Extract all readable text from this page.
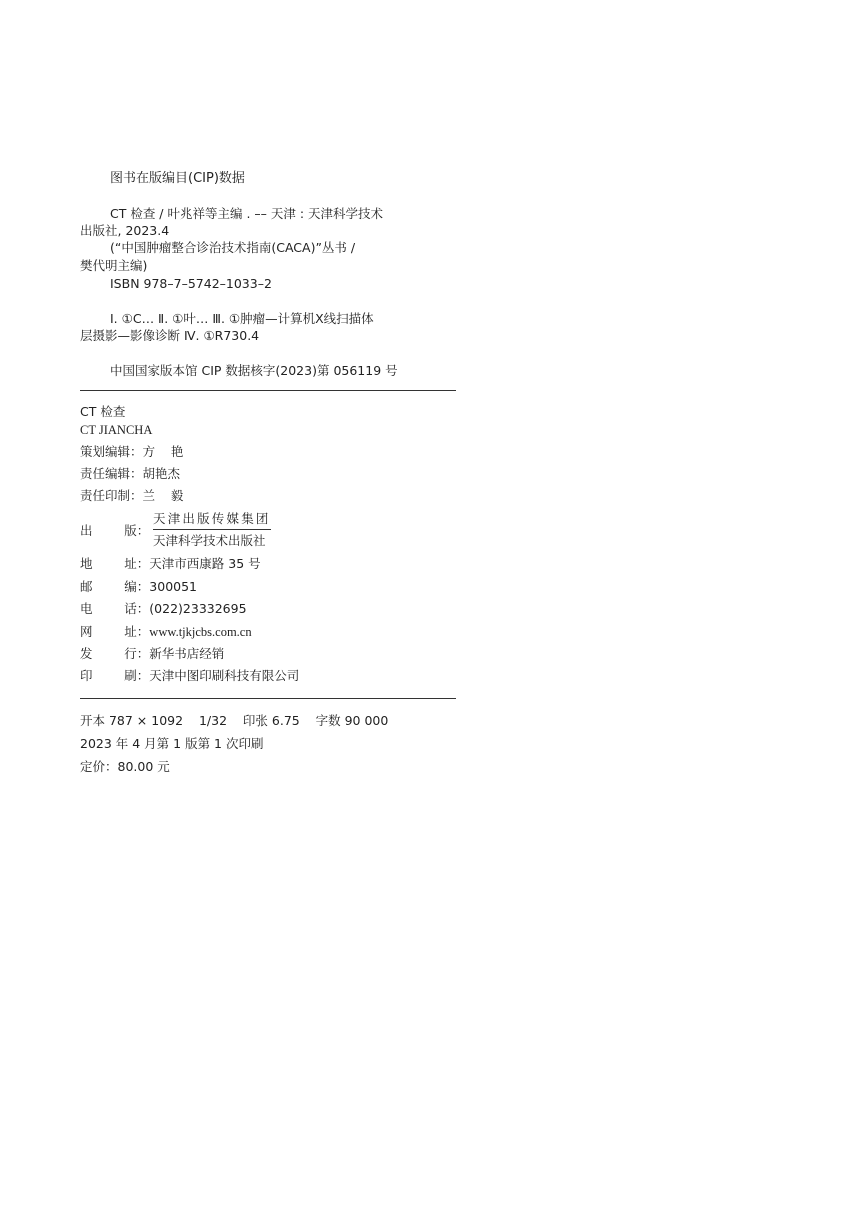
图书在版编目(CIP)数据
CT 检查 / 叶兆祥等主编 . –– 天津 : 天津科学技术
出版社, 2023.4
(“中国肿瘤整合诊治技术指南(CACA)”丛书 /
樊代明主编)
ISBN 978–7–5742–1033–2
Ⅰ. ①C… Ⅱ. ①叶… Ⅲ. ①肿瘤—计算机X线扫描体
层摄影—影像诊断 Ⅳ. ①R730.4
中国国家版本馆 CIP 数据核字(2023)第 056119 号
CT 检查
CT JIANCHA
策划编辑：方    艳
责任编辑：胡艳杰
责任印制：兰    毅
出        版：
天津出版传媒集团
天津科学技术出版社
地        址：天津市西康路 35 号
邮        编：300051
电        话：(022)23332695
网        址：www.tjkjcbs.com.cn
发        行：新华书店经销
印        刷：天津中图印刷科技有限公司
开本 787 × 1092    1/32    印张 6.75    字数 90 000
2023 年 4 月第 1 版第 1 次印刷
定价：80.00 元
